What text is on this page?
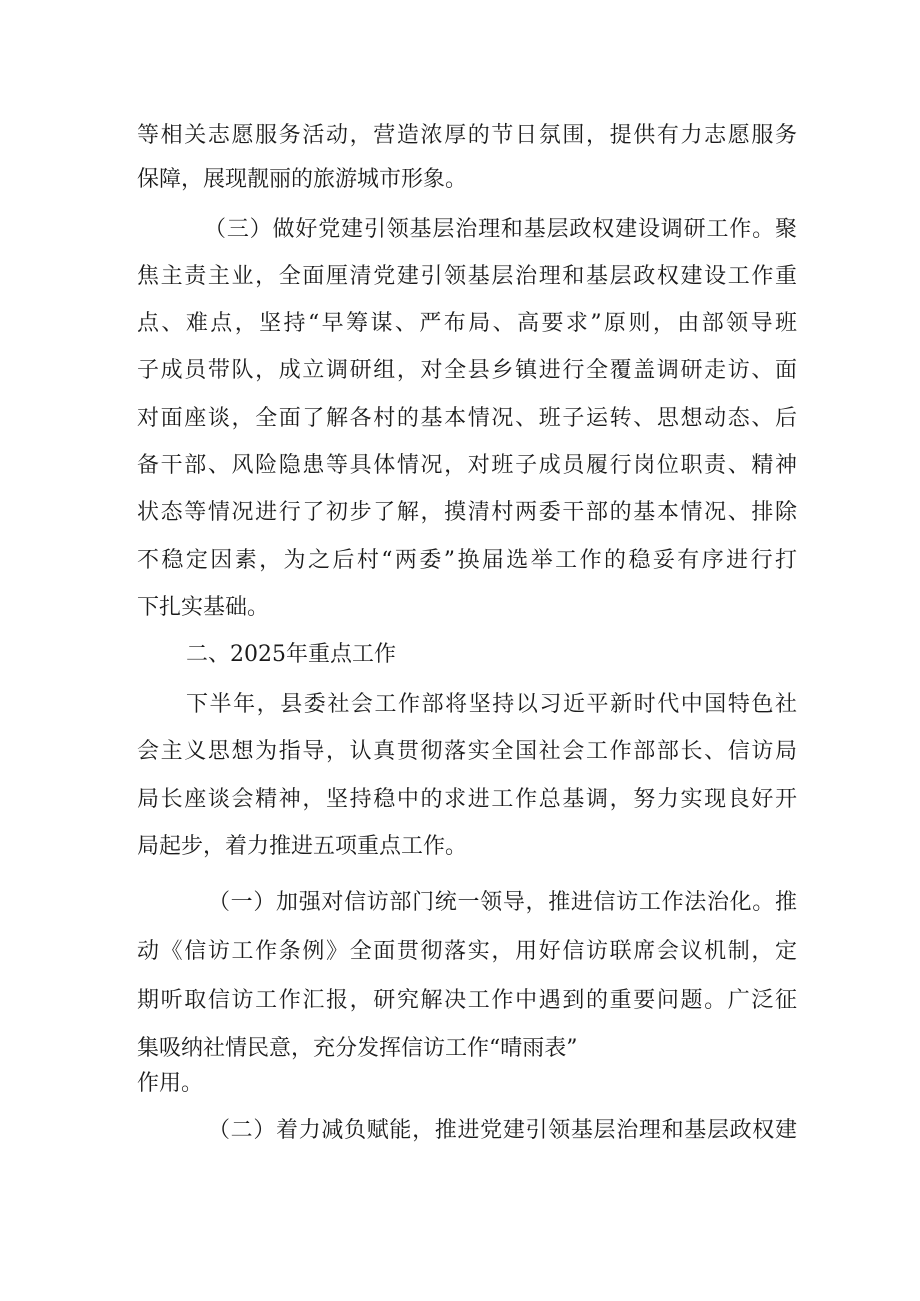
等相关志愿服务活动，营造浓厚的节日氛围，提供有力志愿服务
保障，展现靓丽的旅游城市形象。
（三）做好党建引领基层治理和基层政权建设调研工作。聚
焦主责主业，全面厘清党建引领基层治理和基层政权建设工作重
点、难点，坚持“早筹谋、严布局、高要求”原则，由部领导班
子成员带队，成立调研组，对全县乡镇进行全覆盖调研走访、面
对面座谈，全面了解各村的基本情况、班子运转、思想动态、后
备干部、风险隐患等具体情况，对班子成员履行岗位职责、精神
状态等情况进行了初步了解，摸清村两委干部的基本情况、排除
不稳定因素，为之后村“两委”换届选举工作的稳妥有序进行打
下扎实基础。
二、2025年重点工作
下半年，县委社会工作部将坚持以习近平新时代中国特色社
会主义思想为指导，认真贯彻落实全国社会工作部部长、信访局
局长座谈会精神，坚持稳中的求进工作总基调，努力实现良好开
局起步，着力推进五项重点工作。
（一）加强对信访部门统一领导，推进信访工作法治化。推
动《信访工作条例》全面贯彻落实，用好信访联席会议机制，定
期听取信访工作汇报，研究解决工作中遇到的重要问题。广泛征
集吸纳社情民意，充分发挥信访工作“晴雨表”
作用。
（二）着力减负赋能，推进党建引领基层治理和基层政权建
